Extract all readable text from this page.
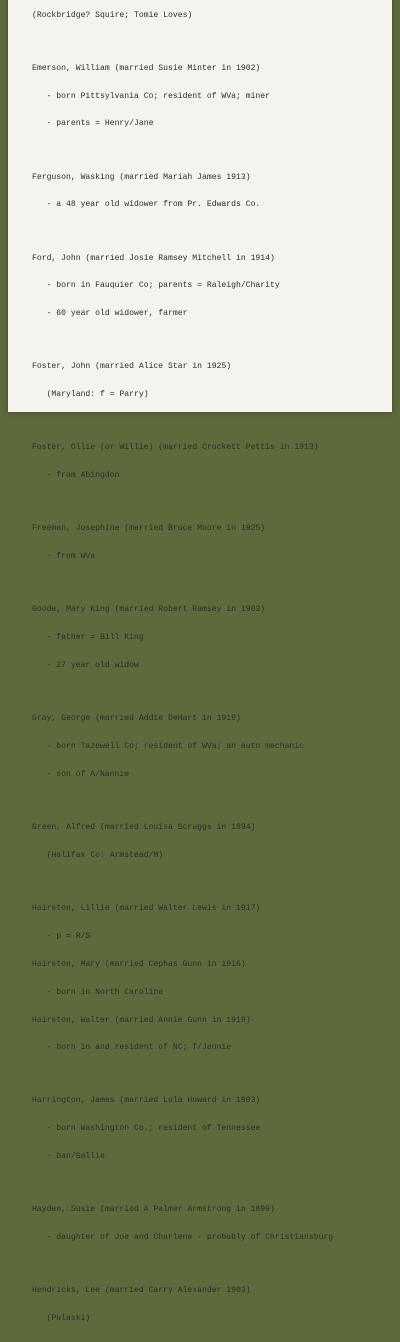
(Rockbridge? Squire; Tomie Loves)

Emerson, William (married Susie Minter in 1902)

- born Pittsylvania Co; resident of WVa; miner

- parents = Henry/Jane

Ferguson, Wasking (married Mariah James 1913)

- a 48 year old widower from Pr. Edwards Co.

Ford, John (married Josie Ramsey Mitchell in 1914)

- born in Fauquier Co; parents = Raleigh/Charity

- 60 year old widower, farmer

Foster, John (married Alice Star in 1925)

(Maryland: f = Parry)

Foster, Ollie (or Willie) (married Crockett Pettis in 1913)

- from Abingdon

Freeman, Josephine (married Bruce Moore in 1925)

- from WVa

Goode, Mary King (married Robert Ramsey in 1903)

- father = Bill King

- 27 year old widow

Gray, George (married Addie DeHart in 1919)

- born Tazewell Co; resident of WVa; an auto mechanic

- son of A/Nannie

Green, Alfred (married Louisa Scruggs in 1894)

(Halifax Co: Armstead/M)

Hairston, Lillie (married Walter Lewis in 1917)

- p = R/S

Hairston, Mary (married Cephas Gunn in 1916)

- born in North Carolina

Hairston, Walter (married Annie Gunn in 1919)

- born in and resident of NC; T/Jennie

Harrington, James (married Lula Howard in 1903)

- born Washington Co.; resident of Tennessee

- Dan/Sallie

Hayden, Susie (married A Palmer Armstrong in 1899)

- daughter of Joe and Charlene - probably of Christiansburg

Hendricks, Lee (married Carry Alexander 1903)

(Pulaski)
